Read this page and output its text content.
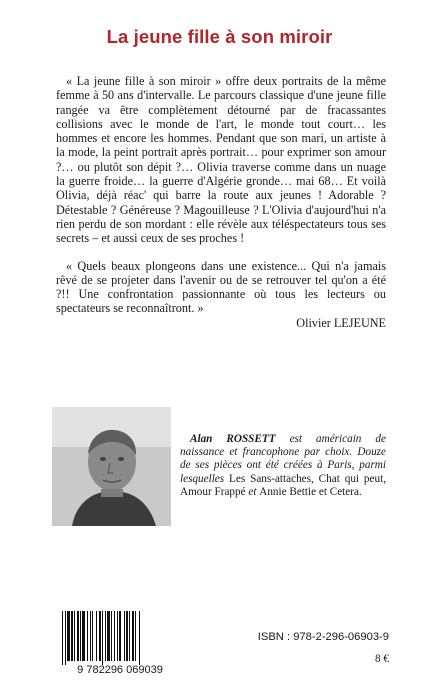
La jeune fille à son miroir

« La jeune fille à son miroir » offre deux portraits de la même femme à 50 ans d'intervalle. Le parcours classique d'une jeune fille rangée va être complètement détourné par de fracassantes collisions avec le monde de l'art, le monde tout court… les hommes et encore les hommes. Pendant que son mari, un artiste à la mode, la peint portrait après portrait… pour exprimer son amour ?… ou plutôt son dépit ?… Olivia traverse comme dans un nuage la guerre froide… la guerre d'Algérie gronde… mai 68… Et voilà Olivia, déjà réac' qui barre la route aux jeunes ! Adorable ? Détestable ? Généreuse ? Magouilleuse ? L'Olivia d'aujourd'hui n'a rien perdu de son mordant : elle révèle aux téléspectateurs tous ses secrets – et aussi ceux de ses proches !

« Quels beaux plongeons dans une existence... Qui n'a jamais rêvé de se projeter dans l'avenir ou de se retrouver tel qu'on a été ?!! Une confrontation passionnante où tous les lecteurs ou spectateurs se reconnaîtront. »

Olivier LEJEUNE
Alan ROSSETT est américain de naissance et francophone par choix. Douze de ses pièces ont été créées à Paris, parmi lesquelles Les Sans-attaches, Chat qui peut, Amour Frappé et Annie Bettie et Cetera.
9 782296 069039
ISBN : 978-2-296-06903-9
8 €
